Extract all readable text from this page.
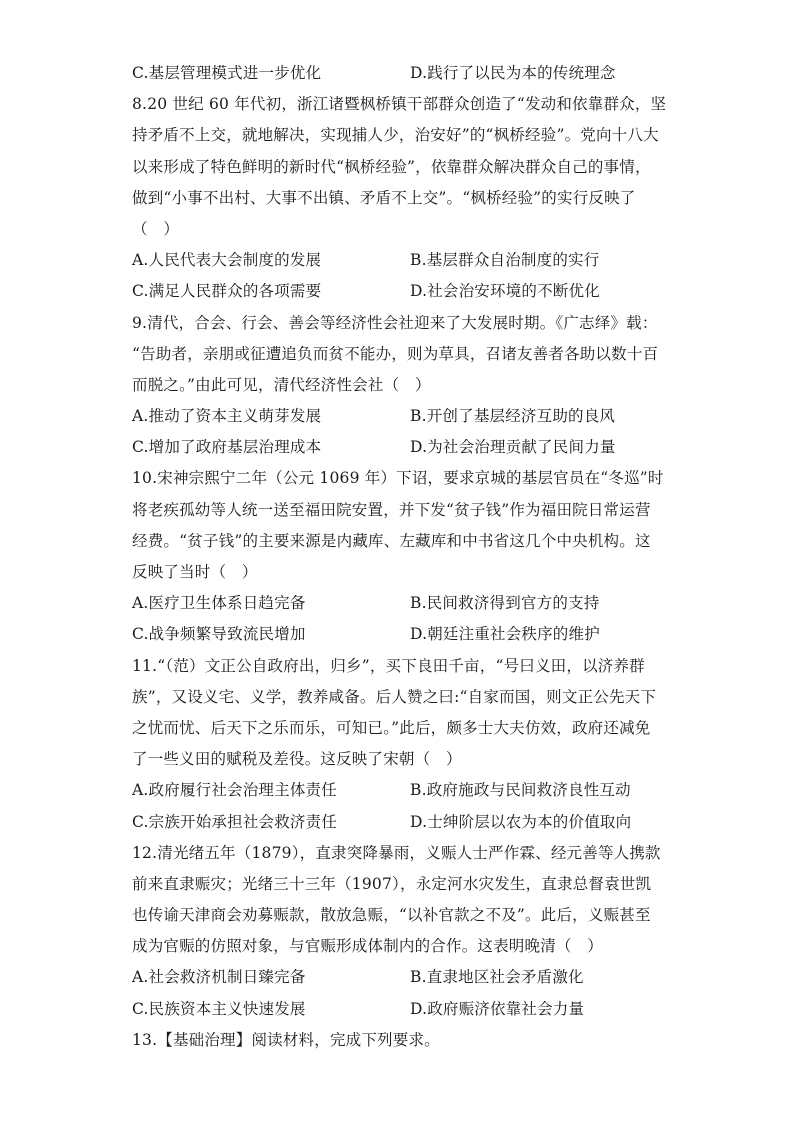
C.基层管理模式进一步优化	D.践行了以民为本的传统理念
8.20 世纪 60 年代初，浙江诸暨枫桥镇干部群众创造了“发动和依靠群众，坚
持矛盾不上交，就地解决，实现捕人少，治安好”的“枫桥经验”。党向十八大
以来形成了特色鲜明的新时代“枫桥经验”，依靠群众解决群众自己的事情，
做到“小事不出村、大事不出镇、矛盾不上交”。“枫桥经验”的实行反映了
（　）
A.人民代表大会制度的发展	B.基层群众自治制度的实行
C.满足人民群众的各项需要	D.社会治安环境的不断优化
9.清代，合会、行会、善会等经济性会社迎来了大发展时期。《广志绎》载：
“告助者，亲朋或征遭追负而贫不能办，则为草具，召诸友善者各助以数十百
而脱之。”由此可见，清代经济性会社（　）
A.推动了资本主义萌芽发展	B.开创了基层经济互助的良风
C.增加了政府基层治理成本	D.为社会治理贡献了民间力量
10.宋神宗熙宁二年（公元 1069 年）下诏，要求京城的基层官员在“冬巡”时
将老疾孤幼等人统一送至福田院安置，并下发“贫子钱”作为福田院日常运营
经费。“贫子钱”的主要来源是内藏库、左藏库和中书省这几个中央机构。这
反映了当时（　）
A.医疗卫生体系日趋完备	B.民间救济得到官方的支持
C.战争频繁导致流民增加	D.朝廷注重社会秩序的维护
11.“（范）文正公自政府出，归乡”，买下良田千亩，“号曰义田，以济养群
族”，又设义宅、义学，教养咸备。后人赞之曰:“自家而国，则文正公先天下
之忧而忧、后天下之乐而乐，可知已。”此后，颇多士大夫仿效，政府还减免
了一些义田的赋税及差役。这反映了宋朝（　）
A.政府履行社会治理主体责任	B.政府施政与民间救济良性互动
C.宗族开始承担社会救济责任	D.士绅阶层以农为本的价值取向
12.清光绪五年（1879），直隶突降暴雨，义赈人士严作霖、经元善等人携款
前来直隶赈灾；光绪三十三年（1907），永定河水灾发生，直隶总督袁世凯
也传谕天津商会劝募赈款，散放急赈，“以补官款之不及”。此后，义赈甚至
成为官赈的仿照对象，与官赈形成体制内的合作。这表明晚清（　）
A.社会救济机制日臻完备	B.直隶地区社会矛盾激化
C.民族资本主义快速发展	D.政府赈济依靠社会力量
13.【基础治理】阅读材料，完成下列要求。
